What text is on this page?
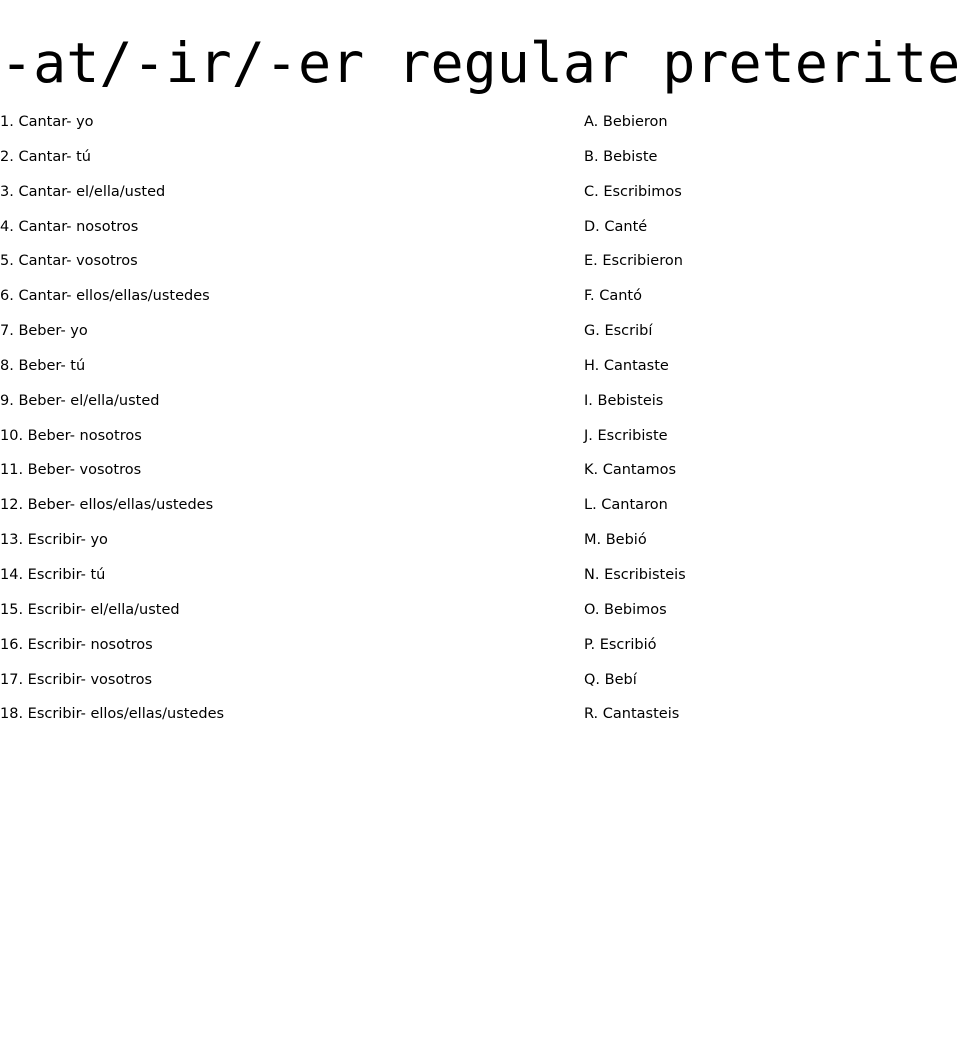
-at/-ir/-er regular preterite
1. Cantar- yo
2. Cantar- tú
3. Cantar- el/ella/usted
4. Cantar- nosotros
5. Cantar- vosotros
6. Cantar- ellos/ellas/ustedes
7. Beber- yo
8. Beber- tú
9. Beber- el/ella/usted
10. Beber- nosotros
11. Beber- vosotros
12. Beber- ellos/ellas/ustedes
13. Escribir- yo
14. Escribir- tú
15. Escribir- el/ella/usted
16. Escribir- nosotros
17. Escribir- vosotros
18. Escribir- ellos/ellas/ustedes
A. Bebieron
B. Bebiste
C. Escribimos
D. Canté
E. Escribieron
F. Cantó
G. Escribí
H. Cantaste
I. Bebisteis
J. Escribiste
K. Cantamos
L. Cantaron
M. Bebió
N. Escribisteis
O. Bebimos
P. Escribió
Q. Bebí
R. Cantasteis
